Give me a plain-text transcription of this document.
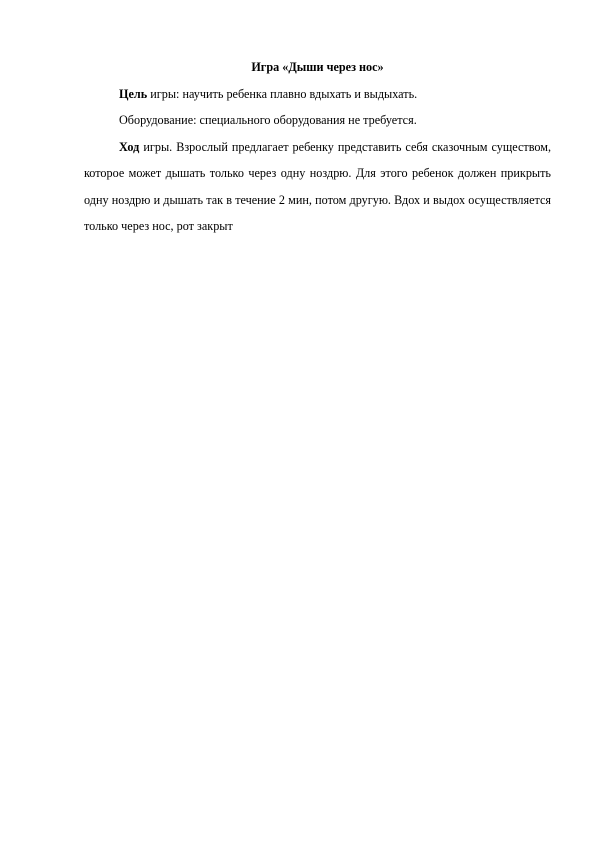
Игра «Дыши через нос»

Цель игры: научить ребенка плавно вдыхать и выдыхать.

Оборудование: специального оборудования не требуется.

Ход игры. Взрослый предлагает ребенку представить себя сказочным существом, которое может дышать только через одну ноздрю. Для этого ребенок должен прикрыть одну ноздрю и дышать так в течение 2 мин, потом другую. Вдох и выдох осуществляется только через нос, рот закрыт
